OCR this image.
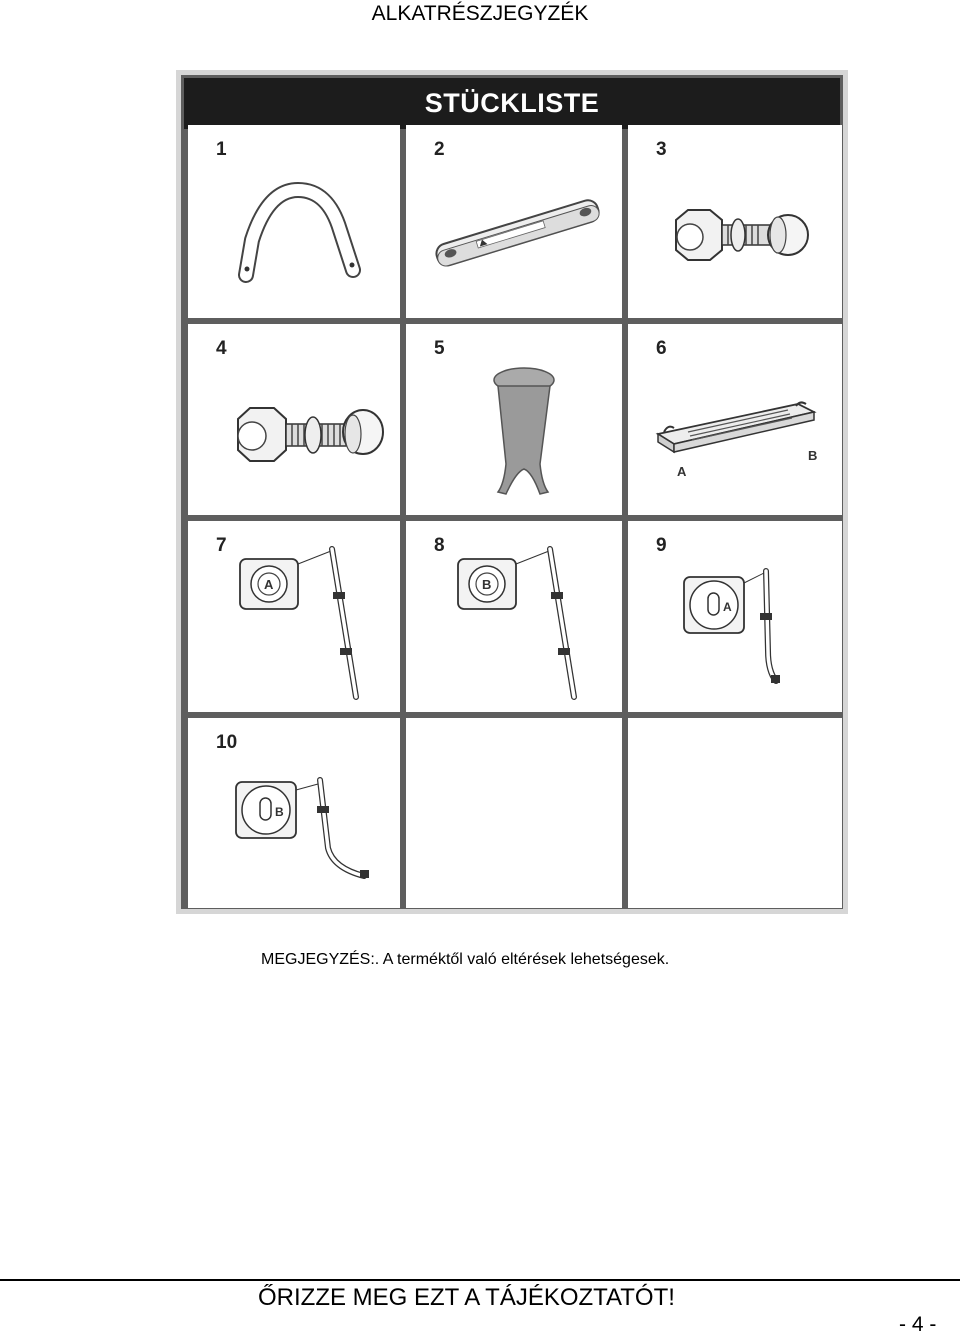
ALKATRÉSZJEGYZÉK
STÜCKLISTE
1	2	3
4	5	6
A
B
7
A
8
B
9
A
10
B
MEGJEGYZÉS:. A terméktől való eltérések lehetségesek.
ŐRIZZE MEG EZT A TÁJÉKOZTATÓT!
- 4 -
